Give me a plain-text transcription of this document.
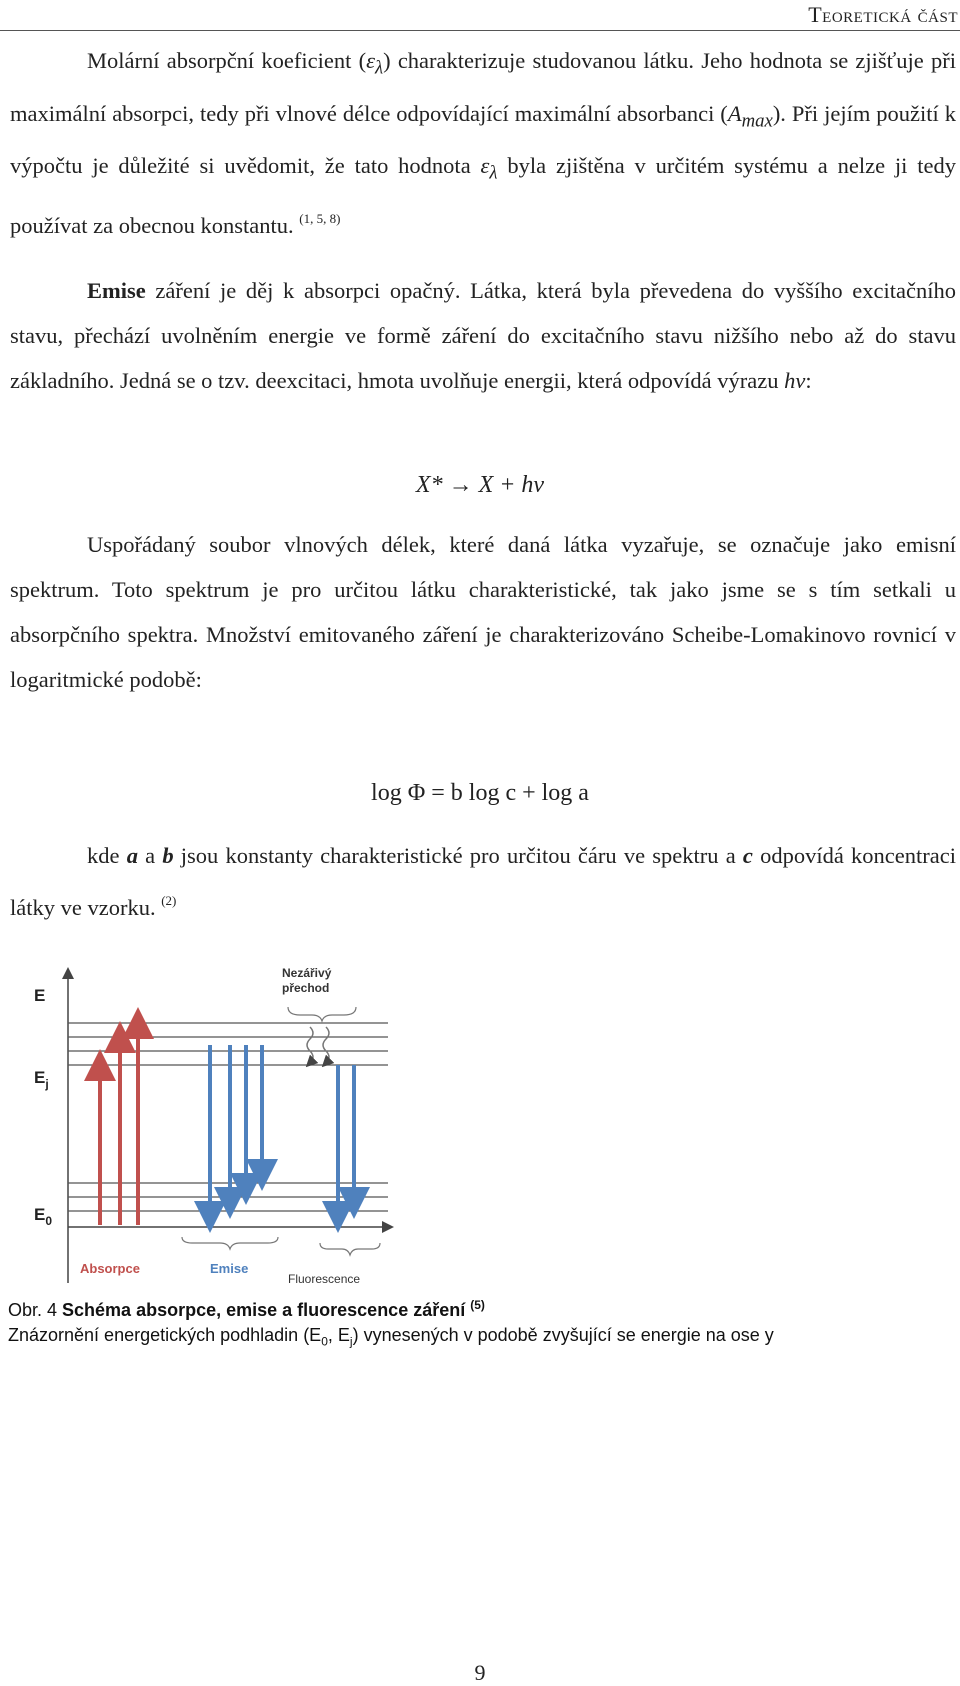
Teoretická část

Molární absorpční koeficient $(\varepsilon_\lambda)$ charakterizuje studovanou látku. Jeho hodnota se zjišťuje při maximální absorpci, tedy při vlnové délce odpovídající maximální absorbanci $(A_{max})$. Při jejím použití k výpočtu je důležité si uvědomit, že tato hodnota $\varepsilon_\lambda$ byla zjištěna v určitém systému a nelze ji tedy používat za obecnou konstantu. $^{(1, 5, 8)}$

Emise záření je děj k absorpci opačný. Látka, která byla převedena do vyššího excitačního stavu, přechází uvolněním energie ve formě záření do excitačního stavu nižšího nebo až do stavu základního. Jedná se o tzv. deexcitaci, hmota uvolňuje energii, která odpovídá výrazu hν:

X* → X + hν

Uspořádaný soubor vlnových délek, které daná látka vyzařuje, se označuje jako emisní spektrum. Toto spektrum je pro určitou látku charakteristické, tak jako jsme se s tím setkali u absorpčního spektra. Množství emitovaného záření je charakterizováno Scheibe-Lomakinovo rovnicí v logaritmické podobě:

log Φ = b log c + log a

kde a a b jsou konstanty charakteristické pro určitou čáru ve spektru a c odpovídá koncentraci látky ve vzorku. $^{(2)}$

E
$E_j$
$E_0$
Nezářivý
přechod
Absorpce	Emise
Fluorescence
Obr. 4 Schéma absorpce, emise a fluorescence záření $^{(5)}$
Znázornění energetických podhladin ($E_0$, $E_j$) vynesených v podobě zvyšující se energie na ose y
9
